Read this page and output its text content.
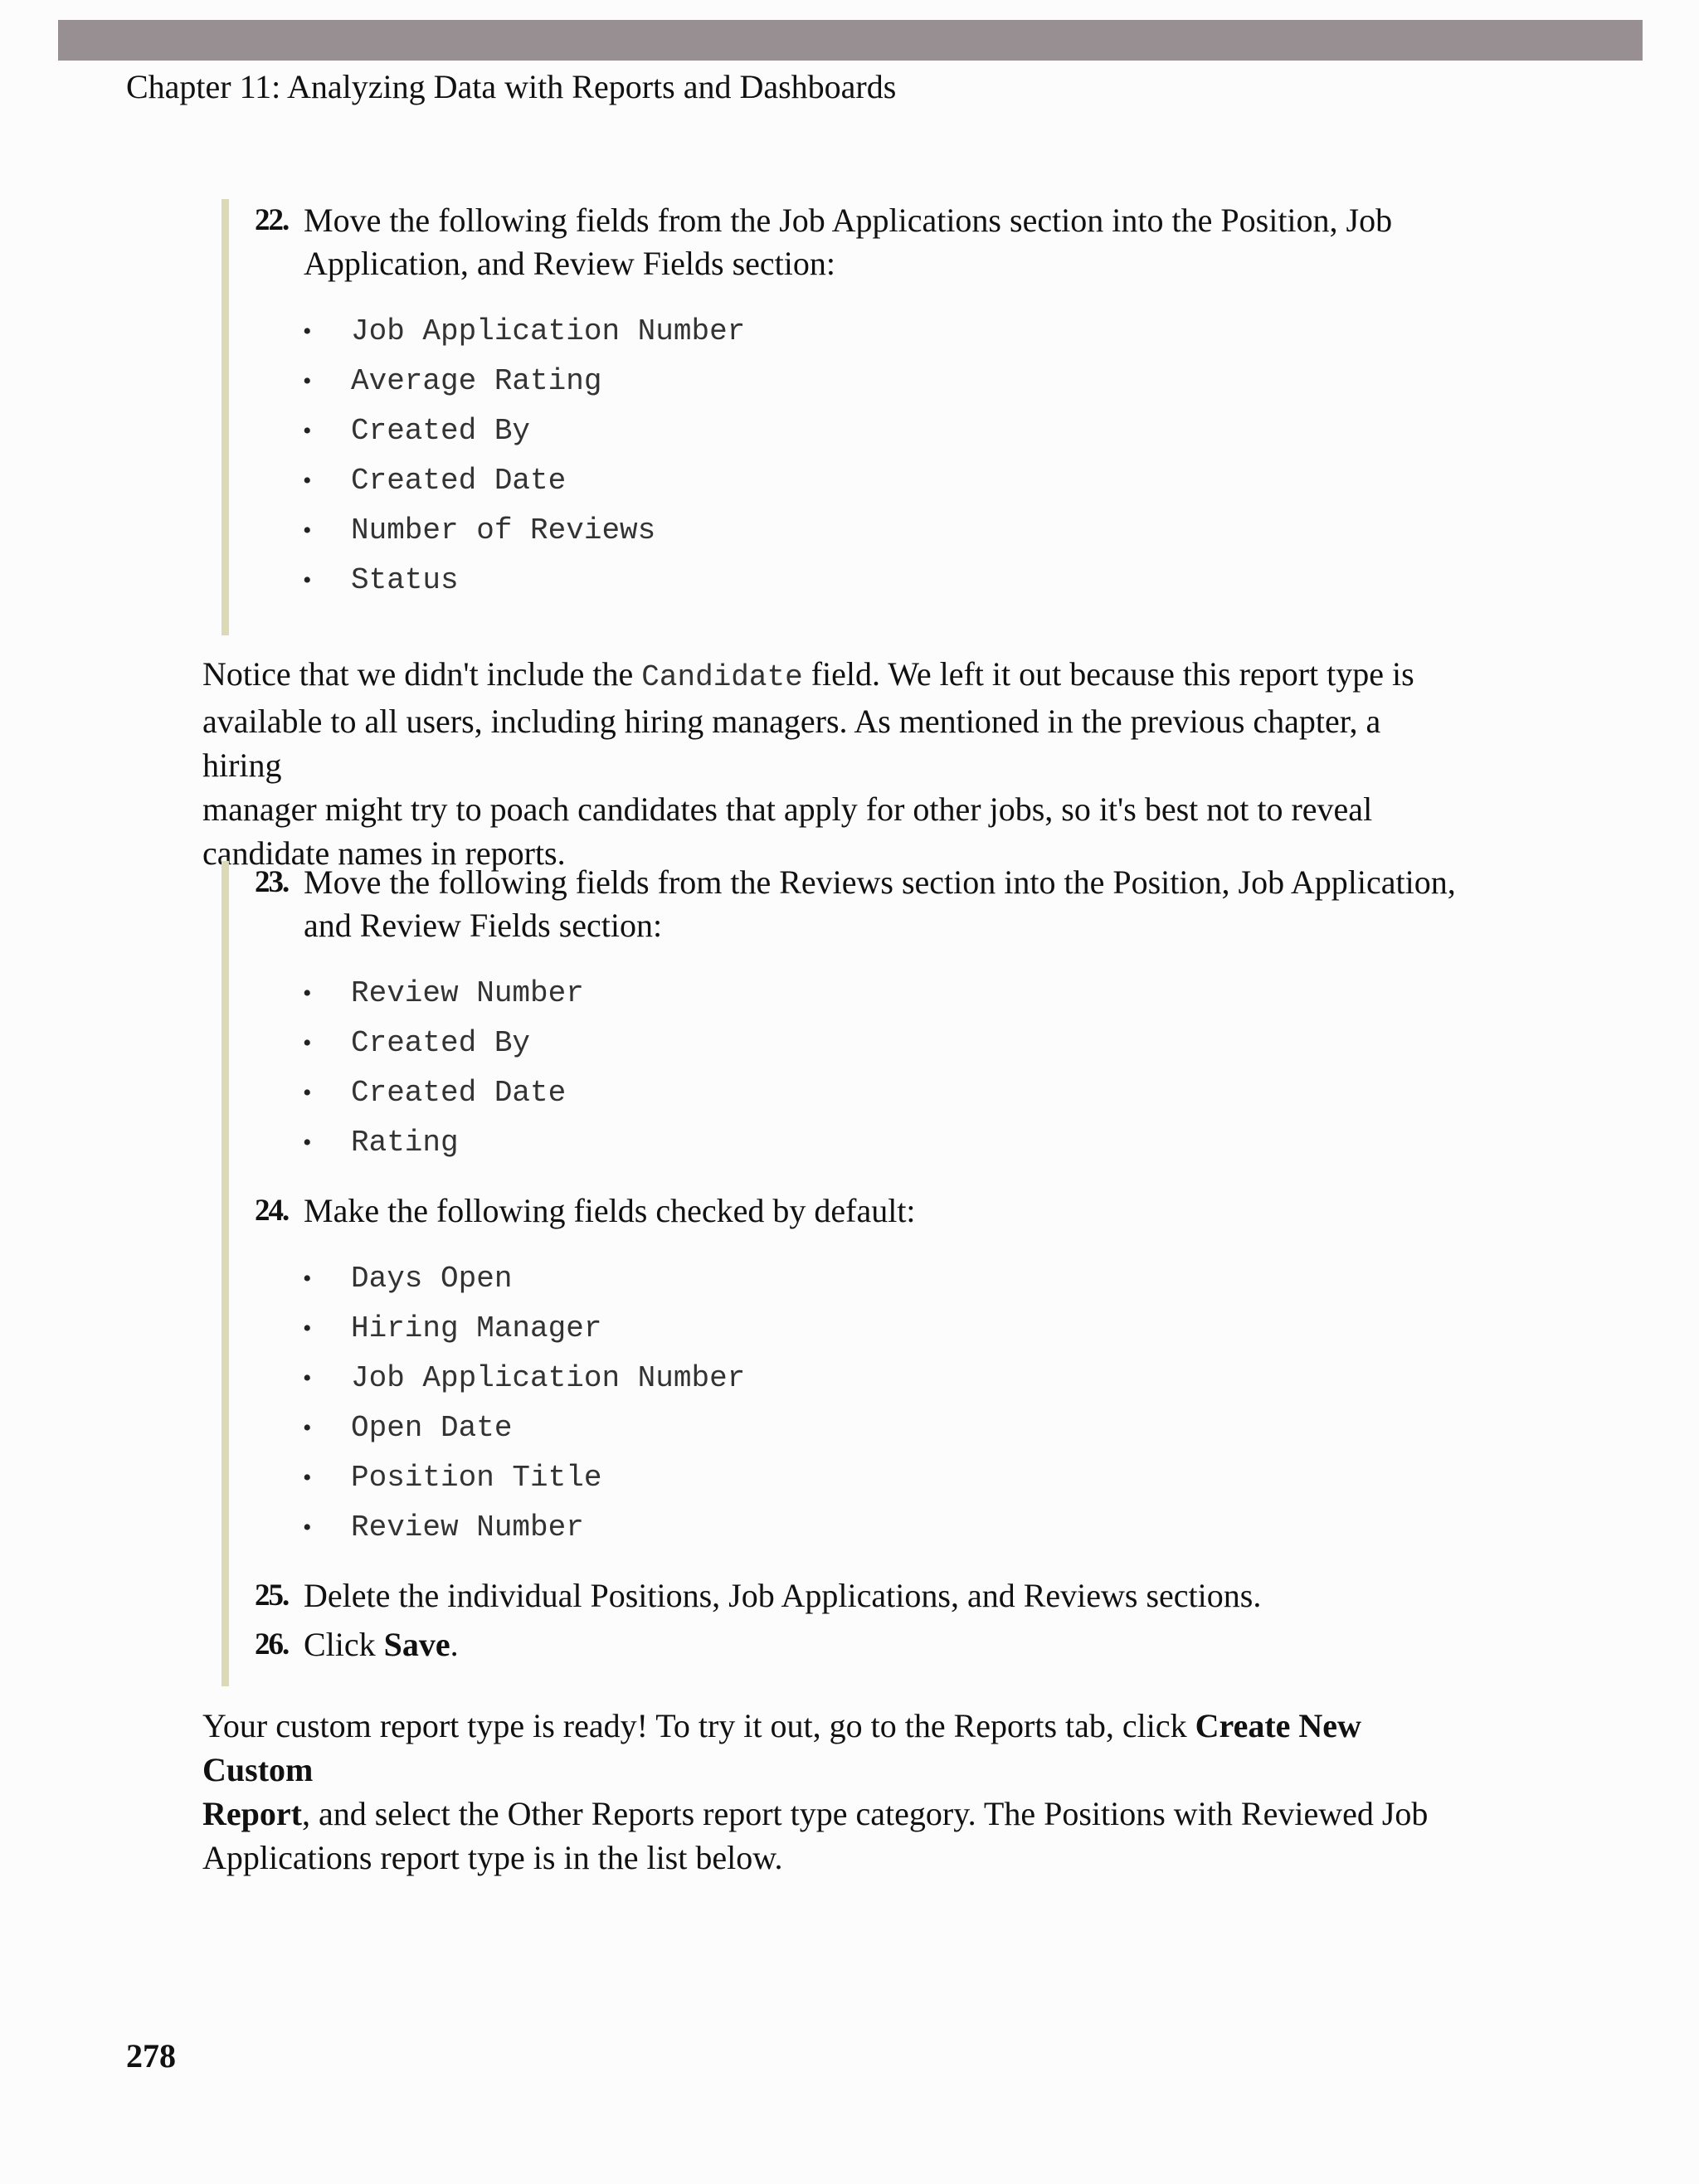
Chapter 11: Analyzing Data with Reports and Dashboards
22. Move the following fields from the Job Applications section into the Position, Job
Application, and Review Fields section:
• Job Application Number
• Average Rating
• Created By
• Created Date
• Number of Reviews
• Status
Notice that we didn't include the Candidate field. We left it out because this report type is
available to all users, including hiring managers. As mentioned in the previous chapter, a hiring
manager might try to poach candidates that apply for other jobs, so it's best not to reveal
candidate names in reports.
23. Move the following fields from the Reviews section into the Position, Job Application,
and Review Fields section:
• Review Number
• Created By
• Created Date
• Rating
24. Make the following fields checked by default:
• Days Open
• Hiring Manager
• Job Application Number
• Open Date
• Position Title
• Review Number
25. Delete the individual Positions, Job Applications, and Reviews sections.
26. Click Save.
Your custom report type is ready! To try it out, go to the Reports tab, click Create New Custom
Report, and select the Other Reports report type category. The Positions with Reviewed Job
Applications report type is in the list below.
278
